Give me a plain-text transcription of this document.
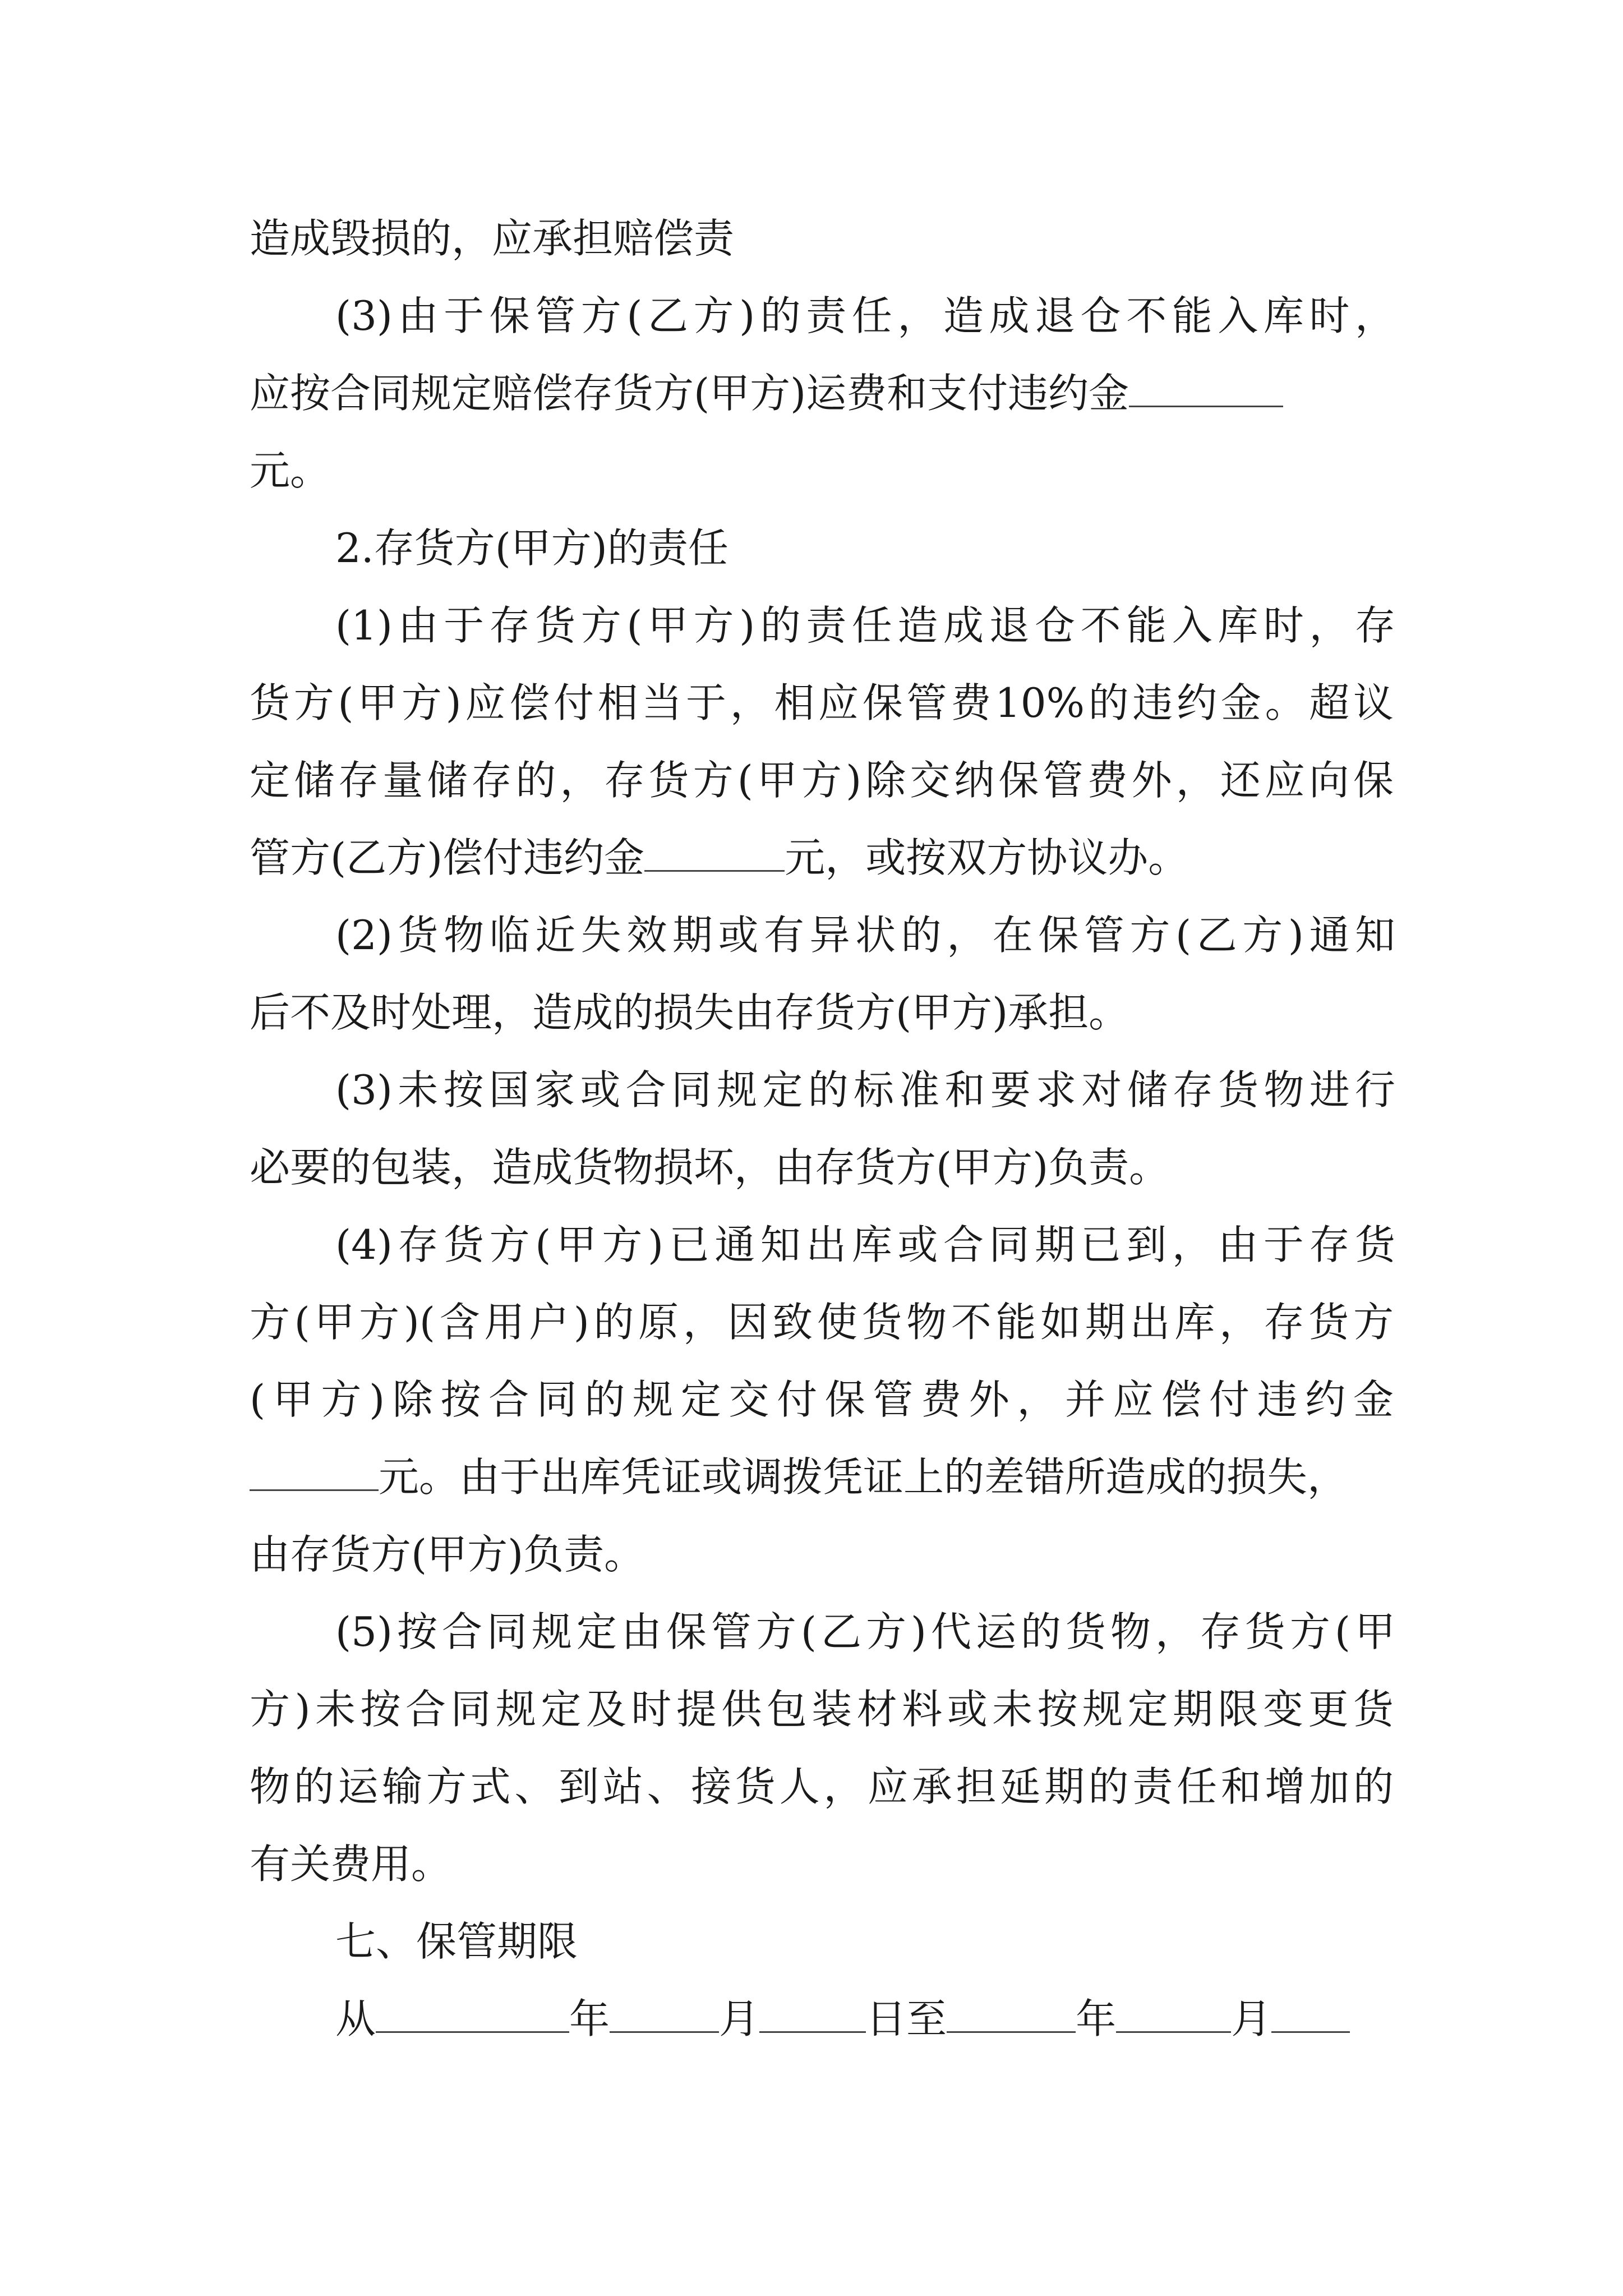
造成毁损的，应承担赔偿责
(3)由于保管方(乙方)的责任，造成退仓不能入库时，
应按合同规定赔偿存货方(甲方)运费和支付违约金
元。
2.存货方(甲方)的责任
(1)由于存货方(甲方)的责任造成退仓不能入库时，存
货方(甲方)应偿付相当于，相应保管费10%的违约金。超议
定储存量储存的，存货方(甲方)除交纳保管费外，还应向保
管方(乙方)偿付违约金	元，或按双方协议办。
(2)货物临近失效期或有异状的，在保管方(乙方)通知
后不及时处理，造成的损失由存货方(甲方)承担。
(3)未按国家或合同规定的标准和要求对储存货物进行
必要的包装，造成货物损坏，由存货方(甲方)负责。
(4)存货方(甲方)已通知出库或合同期已到，由于存货
方(甲方)(含用户)的原，因致使货物不能如期出库，存货方
(甲方)除按合同的规定交付保管费外，并应偿付违约金
元。由于出库凭证或调拨凭证上的差错所造成的损失，
由存货方(甲方)负责。
(5)按合同规定由保管方(乙方)代运的货物，存货方(甲
方)未按合同规定及时提供包装材料或未按规定期限变更货
物的运输方式、到站、接货人，应承担延期的责任和增加的
有关费用。
七、保管期限
从	年	月	日至	年	月
